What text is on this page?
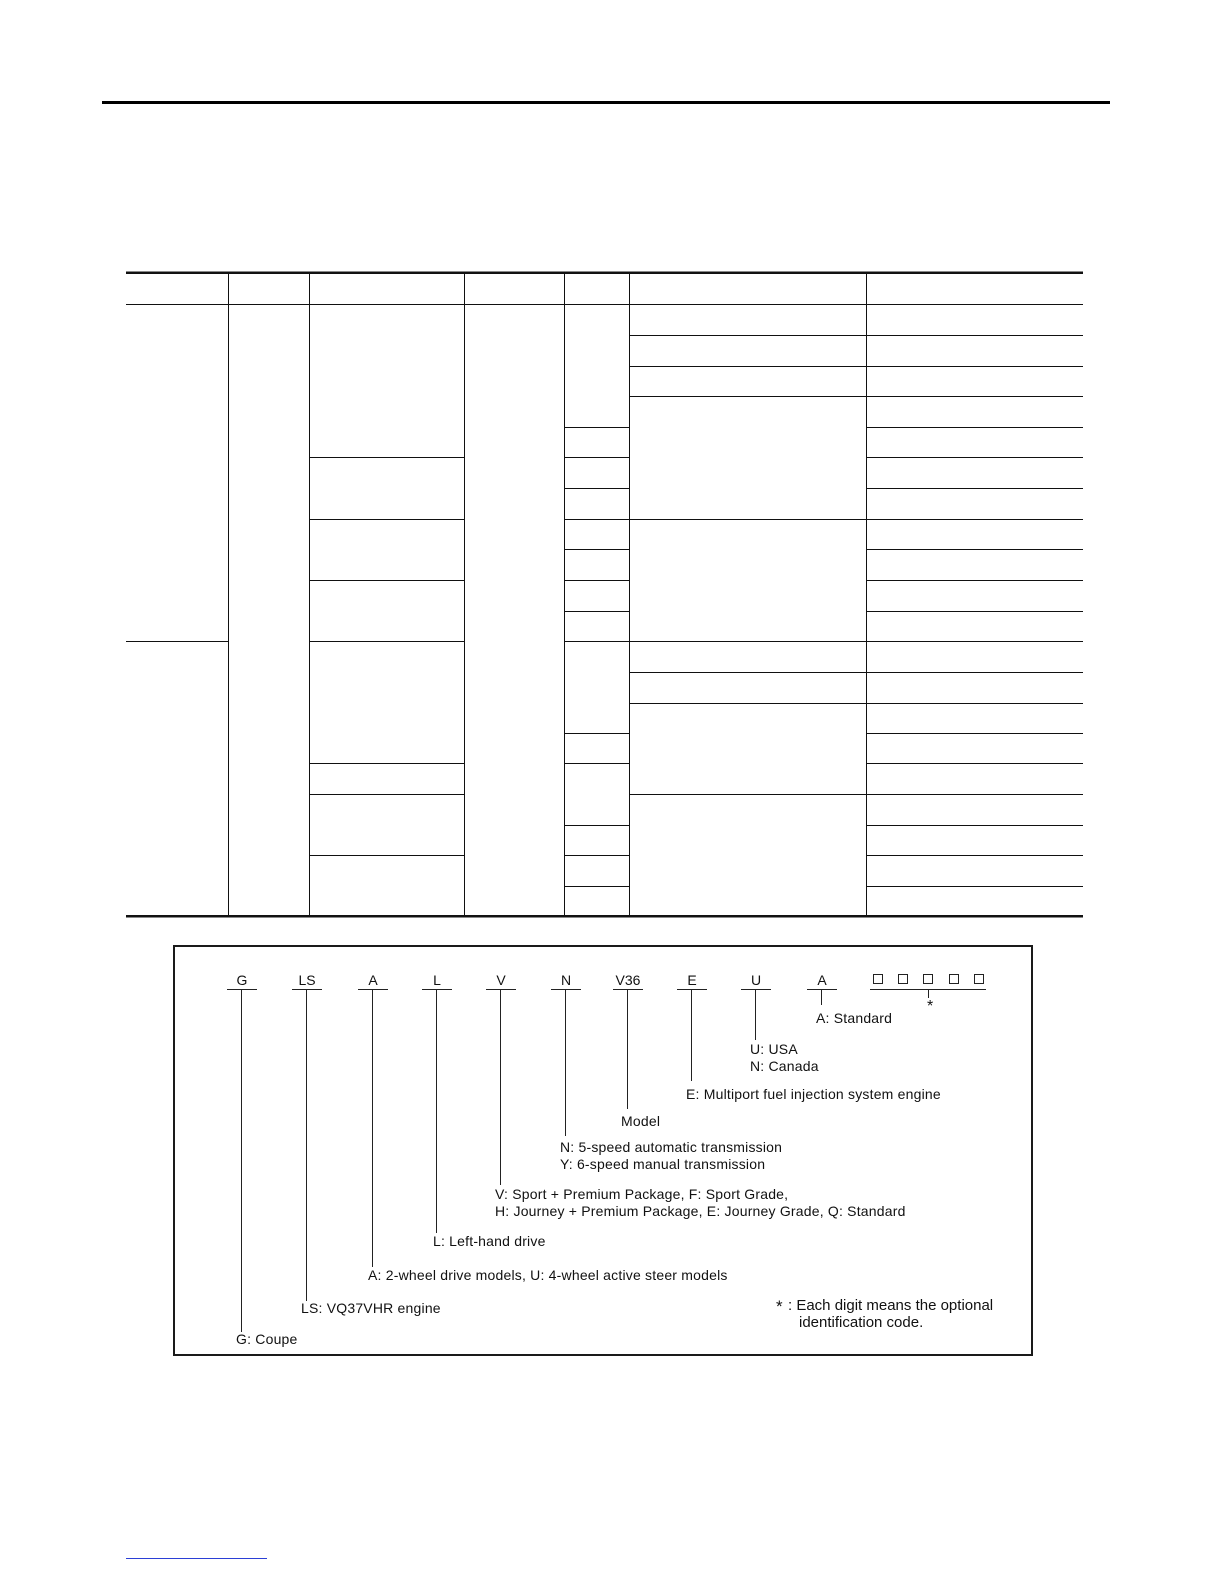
G	LS	A	L	V	N	V36	E	U	A
*
A: Standard
U: USA
N: Canada
E: Multiport fuel injection system engine
Model
N: 5-speed automatic transmission
Y: 6-speed manual transmission
V: Sport + Premium Package, F: Sport Grade,
H: Journey + Premium Package, E: Journey Grade, Q: Standard
L: Left-hand drive
A: 2-wheel drive models, U: 4-wheel active steer models
LS: VQ37VHR engine
G: Coupe
* : Each digit means the optional
identification code.
